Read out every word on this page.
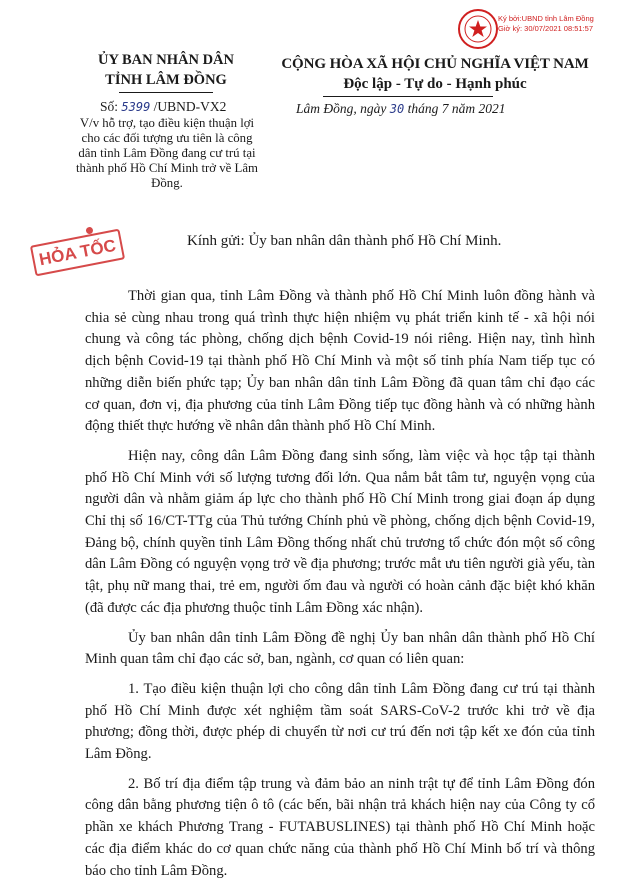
Ký bởi:UBND tỉnh Lâm Đồng
Giờ ký: 30/07/2021 08:51:57
ỦY BAN NHÂN DÂN
TỈNH LÂM ĐỒNG
CỘNG HÒA XÃ HỘI CHỦ NGHĨA VIỆT NAM
Độc lập - Tự do - Hạnh phúc
Số: 5399 /UBND-VX2	Lâm Đồng, ngày 30 tháng 7 năm 2021
V/v hỗ trợ, tạo điều kiện thuận lợi cho các đối tượng ưu tiên là công dân tỉnh Lâm Đồng đang cư trú tại thành phố Hồ Chí Minh trở về Lâm Đồng.
HỎA TỐC	Kính gửi: Ủy ban nhân dân thành phố Hồ Chí Minh.

Thời gian qua, tỉnh Lâm Đồng và thành phố Hồ Chí Minh luôn đồng hành và chia sẻ cùng nhau trong quá trình thực hiện nhiệm vụ phát triển kinh tế - xã hội nói chung và công tác phòng, chống dịch bệnh Covid-19 nói riêng. Hiện nay, tình hình dịch bệnh Covid-19 tại thành phố Hồ Chí Minh và một số tỉnh phía Nam tiếp tục có những diễn biến phức tạp; Ủy ban nhân dân tỉnh Lâm Đồng đã quan tâm chỉ đạo các cơ quan, đơn vị, địa phương của tỉnh Lâm Đồng tiếp tục đồng hành và có những hành động thiết thực hướng về nhân dân thành phố Hồ Chí Minh.

Hiện nay, công dân Lâm Đồng đang sinh sống, làm việc và học tập tại thành phố Hồ Chí Minh với số lượng tương đối lớn. Qua nắm bắt tâm tư, nguyện vọng của người dân và nhằm giảm áp lực cho thành phố Hồ Chí Minh trong giai đoạn áp dụng Chỉ thị số 16/CT-TTg của Thủ tướng Chính phủ về phòng, chống dịch bệnh Covid-19, Đảng bộ, chính quyền tỉnh Lâm Đồng thống nhất chủ trương tổ chức đón một số công dân Lâm Đồng có nguyện vọng trở về địa phương; trước mắt ưu tiên người già yếu, tàn tật, phụ nữ mang thai, trẻ em, người ốm đau và người có hoàn cảnh đặc biệt khó khăn (đã được các địa phương thuộc tỉnh Lâm Đồng xác nhận).

Ủy ban nhân dân tỉnh Lâm Đồng đề nghị Ủy ban nhân dân thành phố Hồ Chí Minh quan tâm chỉ đạo các sở, ban, ngành, cơ quan có liên quan:

1. Tạo điều kiện thuận lợi cho công dân tỉnh Lâm Đồng đang cư trú tại thành phố Hồ Chí Minh được xét nghiệm tầm soát SARS-CoV-2 trước khi trở về địa phương; đồng thời, được phép di chuyển từ nơi cư trú đến nơi tập kết xe đón của tỉnh Lâm Đồng.

2. Bố trí địa điểm tập trung và đảm bảo an ninh trật tự để tỉnh Lâm Đồng đón công dân bằng phương tiện ô tô (các bến, bãi nhận trả khách hiện nay của Công ty cổ phần xe khách Phương Trang - FUTABUSLINES) tại thành phố Hồ Chí Minh hoặc các địa điểm khác do cơ quan chức năng của thành phố Hồ Chí Minh bố trí và thông báo cho tỉnh Lâm Đồng.
